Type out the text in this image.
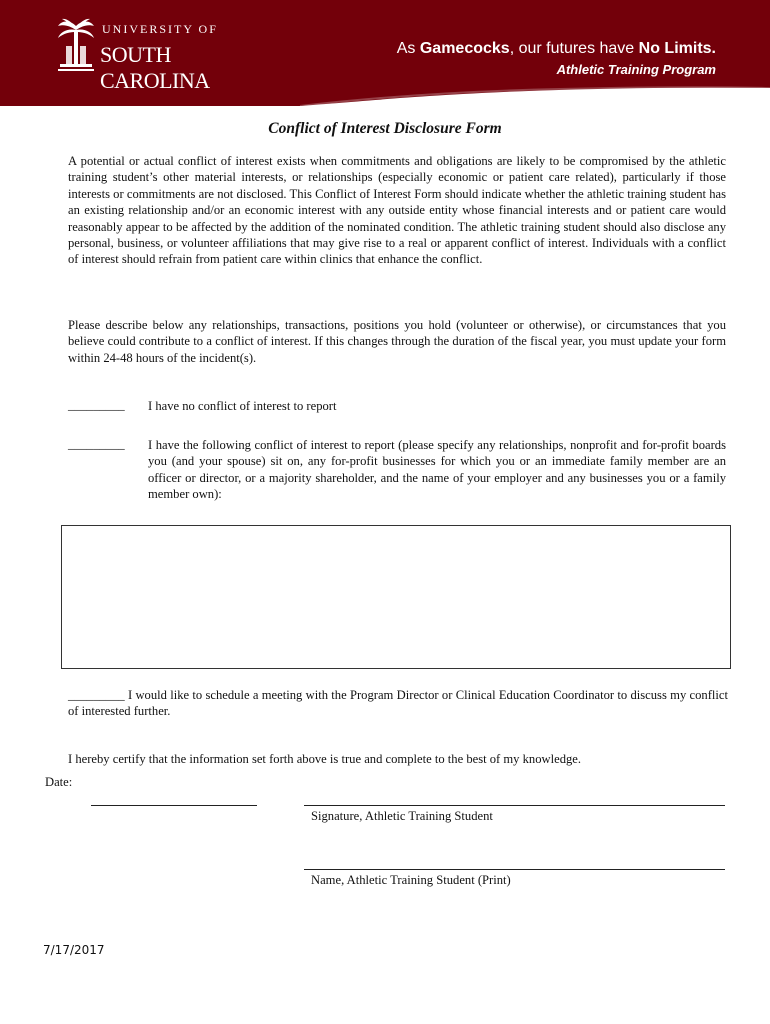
UNIVERSITY OF
SOUTH CAROLINA
As Gamecocks, our futures have No Limits.
Athletic Training Program
Conflict of Interest Disclosure Form
A potential or actual conflict of interest exists when commitments and obligations are likely to be compromised by the athletic training student’s other material interests, or relationships (especially economic or patient care related), particularly if those interests or commitments are not disclosed. This Conflict of Interest Form should indicate whether the athletic training student has an existing relationship and/or an economic interest with any outside entity whose financial interests and or patient care would reasonably appear to be affected by the addition of the nominated condition. The athletic training student should also disclose any personal, business, or volunteer affiliations that may give rise to a real or apparent conflict of interest. Individuals with a conflict of interest should refrain from patient care within clinics that enhance the conflict.
Please describe below any relationships, transactions, positions you hold (volunteer or otherwise), or circumstances that you believe could contribute to a conflict of interest. If this changes through the duration of the fiscal year, you must update your form within 24-48 hours of the incident(s).
_________ I have no conflict of interest to report
_________ I have the following conflict of interest to report (please specify any relationships, nonprofit and for-profit boards you (and your spouse) sit on, any for-profit businesses for which you or an immediate family member are an officer or director, or a majority shareholder, and the name of your employer and any businesses you or a family member own):
_________ I would like to schedule a meeting with the Program Director or Clinical Education Coordinator to discuss my conflict of interested further.
I hereby certify that the information set forth above is true and complete to the best of my knowledge.
Date:
Signature, Athletic Training Student
Name, Athletic Training Student (Print)
7/17/2017
